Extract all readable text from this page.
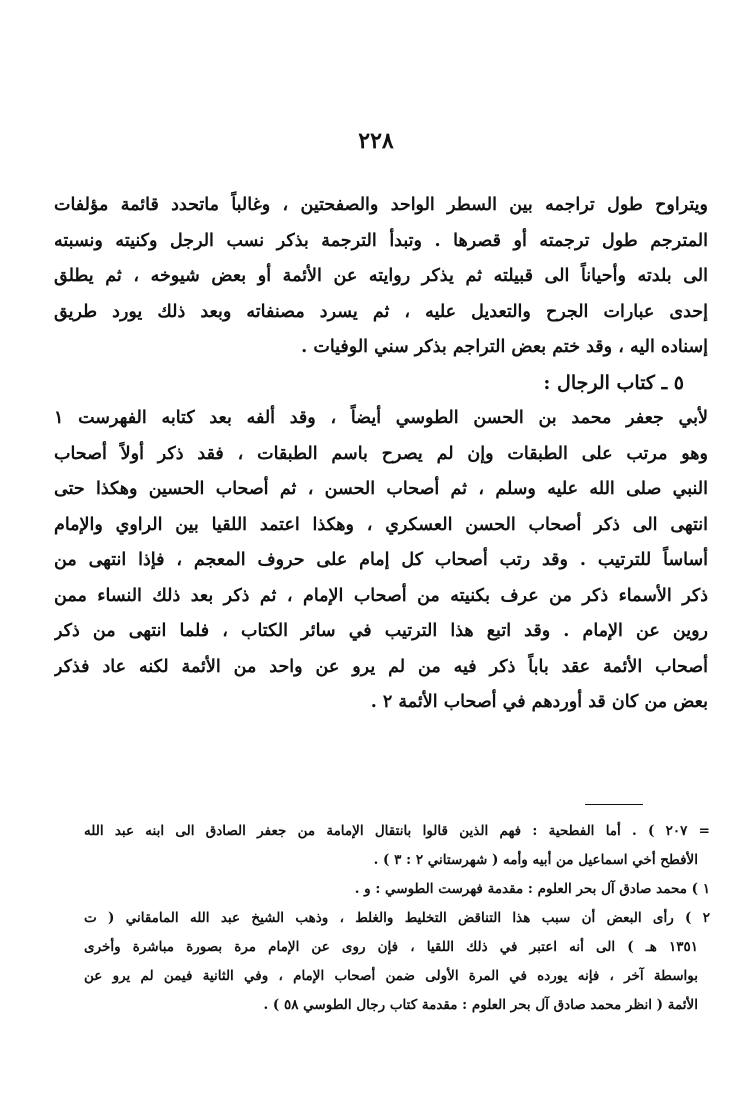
٢٢٨
ويتراوح طول تراجمه بين السطر الواحد والصفحتين ، وغالباً ماتحدد قائمة مؤلفات
المترجم طول ترجمته أو قصرها . وتبدأ الترجمة بذكر نسب الرجل وكنيته ونسبته
الى بلدته وأحياناً الى قبيلته ثم يذكر روايته عن الأئمة أو بعض شيوخه ، ثم يطلق
إحدى عبارات الجرح والتعديل عليه ، ثم يسرد مصنفاته وبعد ذلك يورد طريق
إسناده اليه ، وقد ختم بعض التراجم بذكر سني الوفيات .
٥ ـ كتاب الرجال :
لأبي جعفر محمد بن الحسن الطوسي أيضاً ، وقد ألفه بعد كتابه الفهرست ١
وهو مرتب على الطبقات وإن لم يصرح باسم الطبقات ، فقد ذكر أولاً أصحاب
النبي صلى الله عليه وسلم ، ثم أصحاب الحسن ، ثم أصحاب الحسين وهكذا حتى
انتهى الى ذكر أصحاب الحسن العسكري ، وهكذا اعتمد اللقيا بين الراوي والإمام
أساساً للترتيب . وقد رتب أصحاب كل إمام على حروف المعجم ، فإذا انتهى من
ذكر الأسماء ذكر من عرف بكنيته من أصحاب الإمام ، ثم ذكر بعد ذلك النساء ممن
روين عن الإمام . وقد اتبع هذا الترتيب في سائر الكتاب ، فلما انتهى من ذكر
أصحاب الأئمة عقد باباً ذكر فيه من لم يرو عن واحد من الأئمة لكنه عاد فذكر
بعض من كان قد أوردهم في أصحاب الأئمة ٢ .
= ٢٠٧ ) . أما الفطحية : فهم الذين قالوا بانتقال الإمامة من جعفر الصادق الى ابنه عبد الله
الأفطح أخي اسماعيل من أبيه وأمه ( شهرستاني ٢ : ٣ ) .
١ ) محمد صادق آل بحر العلوم : مقدمة فهرست الطوسي : و .
٢ ) رأى البعض أن سبب هذا التناقض التخليط والغلط ، وذهب الشيخ عبد الله المامقاني ( ت
١٣٥١ هـ ) الى أنه اعتبر في ذلك اللقيا ، فإن روى عن الإمام مرة بصورة مباشرة وأخرى
بواسطة آخر ، فإنه يورده في المرة الأولى ضمن أصحاب الإمام ، وفي الثانية فيمن لم يرو عن
الأئمة ( انظر محمد صادق آل بحر العلوم : مقدمة كتاب رجال الطوسي ٥٨ ) .
